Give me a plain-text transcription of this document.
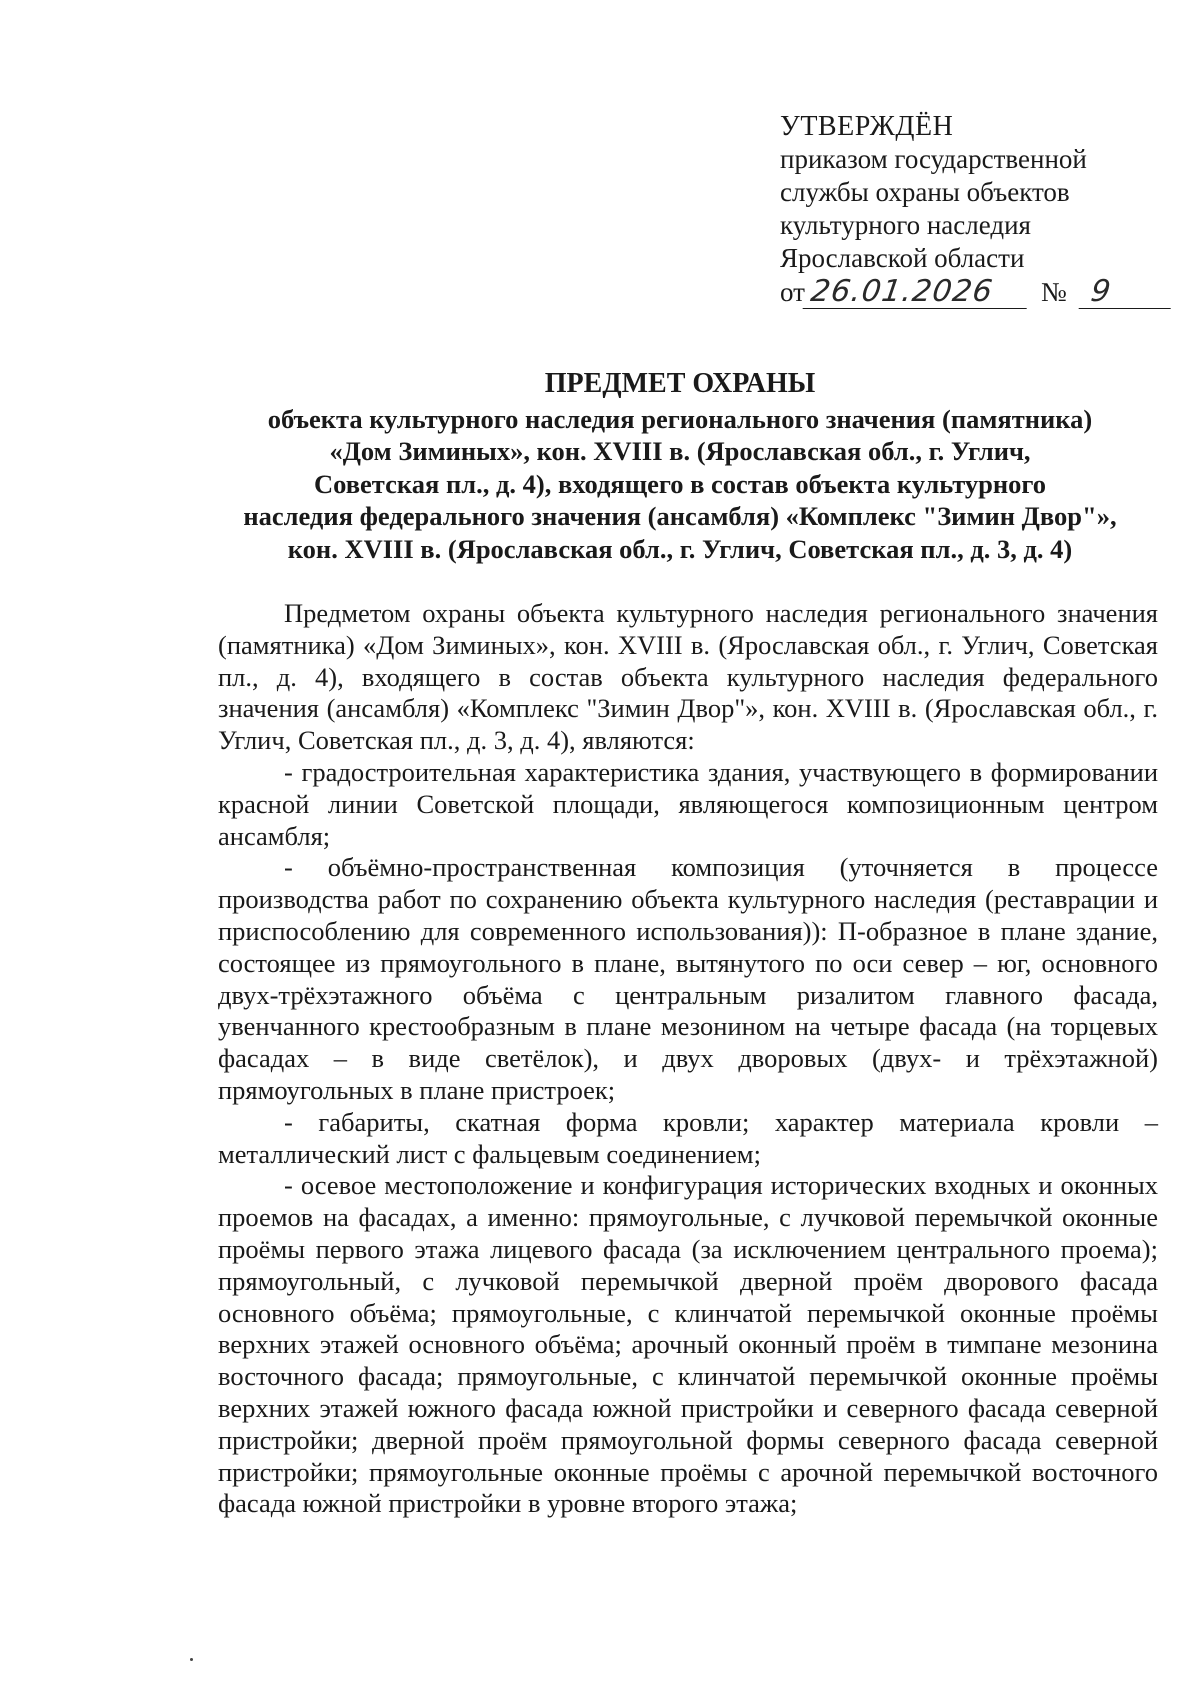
УТВЕРЖДЁН
приказом государственной
службы охраны объектов
культурного наследия
Ярославской области
от 26.01.2026 № 9
ПРЕДМЕТ ОХРАНЫ
объекта культурного наследия регионального значения (памятника)
«Дом Зиминых», кон. XVIII в. (Ярославская обл., г. Углич,
Советская пл., д. 4), входящего в состав объекта культурного
наследия федерального значения (ансамбля) «Комплекс "Зимин Двор"»,
кон. XVIII в. (Ярославская обл., г. Углич, Советская пл., д. 3, д. 4)

Предметом охраны объекта культурного наследия регионального значения (памятника) «Дом Зиминых», кон. XVIII в. (Ярославская обл., г. Углич, Советская пл., д. 4), входящего в состав объекта культурного наследия федерального значения (ансамбля) «Комплекс "Зимин Двор"», кон. XVIII в. (Ярославская обл., г. Углич, Советская пл., д. 3, д. 4), являются:

- градостроительная характеристика здания, участвующего в формировании красной линии Советской площади, являющегося композиционным центром ансамбля;

- объёмно-пространственная композиция (уточняется в процессе производства работ по сохранению объекта культурного наследия (реставрации и приспособлению для современного использования)): П-образное в плане здание, состоящее из прямоугольного в плане, вытянутого по оси север – юг, основного двух-трёхэтажного объёма с центральным ризалитом главного фасада, увенчанного крестообразным в плане мезонином на четыре фасада (на торцевых фасадах – в виде светёлок), и двух дворовых (двух- и трёхэтажной) прямоугольных в плане пристроек;

- габариты, скатная форма кровли; характер материала кровли – металлический лист с фальцевым соединением;

- осевое местоположение и конфигурация исторических входных и оконных проемов на фасадах, а именно: прямоугольные, с лучковой перемычкой оконные проёмы первого этажа лицевого фасада (за исключением центрального проема); прямоугольный, с лучковой перемычкой дверной проём дворового фасада основного объёма; прямоугольные, с клинчатой перемычкой оконные проёмы верхних этажей основного объёма; арочный оконный проём в тимпане мезонина восточного фасада; прямоугольные, с клинчатой перемычкой оконные проёмы верхних этажей южного фасада южной пристройки и северного фасада северной пристройки; дверной проём прямоугольной формы северного фасада северной пристройки; прямоугольные оконные проёмы с арочной перемычкой восточного фасада южной пристройки в уровне второго этажа;
